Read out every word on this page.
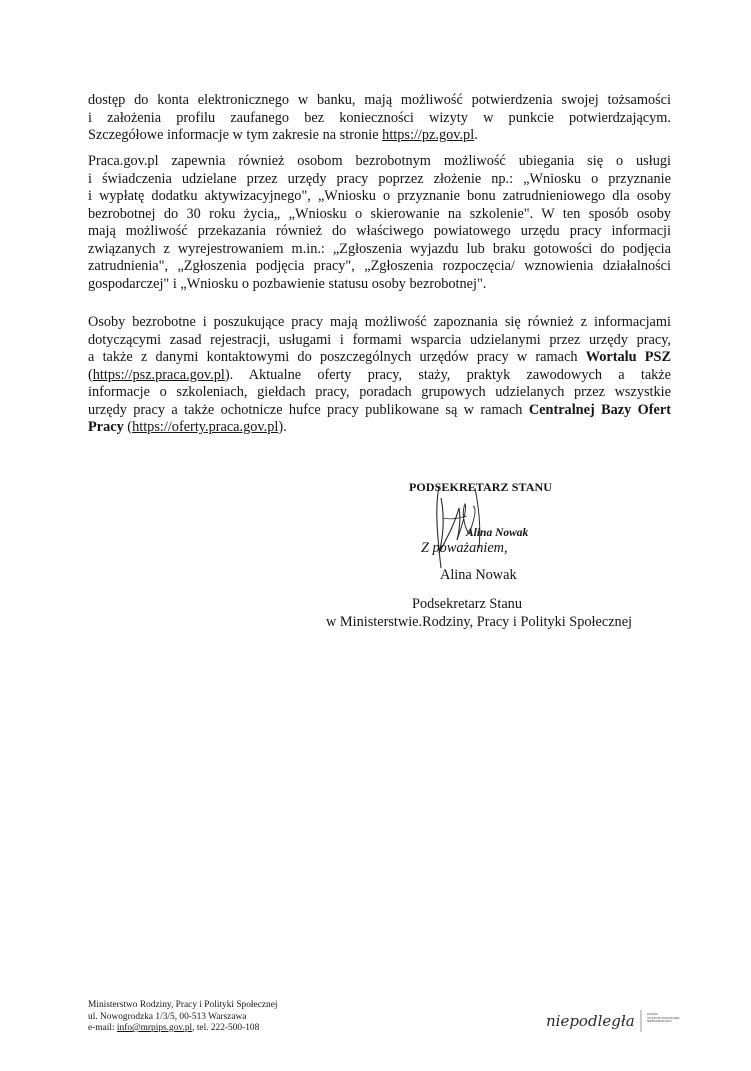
dostęp do konta elektronicznego w banku, mają możliwość potwierdzenia swojej tożsamości
i założenia profilu zaufanego bez konieczności wizyty w punkcie potwierdzającym.
Szczegółowe informacje w tym zakresie na stronie https://pz.gov.pl.
Praca.gov.pl zapewnia również osobom bezrobotnym możliwość ubiegania się o usługi
i świadczenia udzielane przez urzędy pracy poprzez złożenie np.: „Wniosku o przyznanie
i wypłatę dodatku aktywizacyjnego", „Wniosku o przyznanie bonu zatrudnieniowego dla osoby
bezrobotnej do 30 roku życia„ „Wniosku o skierowanie na szkolenie". W ten sposób osoby
mają możliwość przekazania również do właściwego powiatowego urzędu pracy informacji
związanych z wyrejestrowaniem m.in.: „Zgłoszenia wyjazdu lub braku gotowości do podjęcia
zatrudnienia", „Zgłoszenia podjęcia pracy", „Zgłoszenia rozpoczęcia/ wznowienia działalności
gospodarczej" i „Wniosku o pozbawienie statusu osoby bezrobotnej".
Osoby bezrobotne i poszukujące pracy mają możliwość zapoznania się również z informacjami
dotyczącymi zasad rejestracji, usługami i formami wsparcia udzielanymi przez urzędy pracy,
a także z danymi kontaktowymi do poszczególnych urzędów pracy w ramach Wortalu PSZ
(https://psz.praca.gov.pl). Aktualne oferty pracy, staży, praktyk zawodowych a także
informacje o szkoleniach, giełdach pracy, poradach grupowych udzielanych przez wszystkie
urzędy pracy a także ochotnicze hufce pracy publikowane są w ramach Centralnej Bazy Ofert
Pracy (https://oferty.praca.gov.pl).
PODSEKRETARZ STANU
Alina Nowak
Z poważaniem,
Alina Nowak
Podsekretarz Stanu
w Ministerstwie.Rodziny, Pracy i Polityki Społecznej
Ministerstwo Rodziny, Pracy i Polityki Społecznej
ul. Nowogrodzka 1/3/5, 00-513 Warszawa
e-mail: info@mrpips.gov.pl, tel. 222-500-108	niepodległa	POLSKA
STULECIE ODZYSKANIA
NIEPODLEGŁOŚCI
